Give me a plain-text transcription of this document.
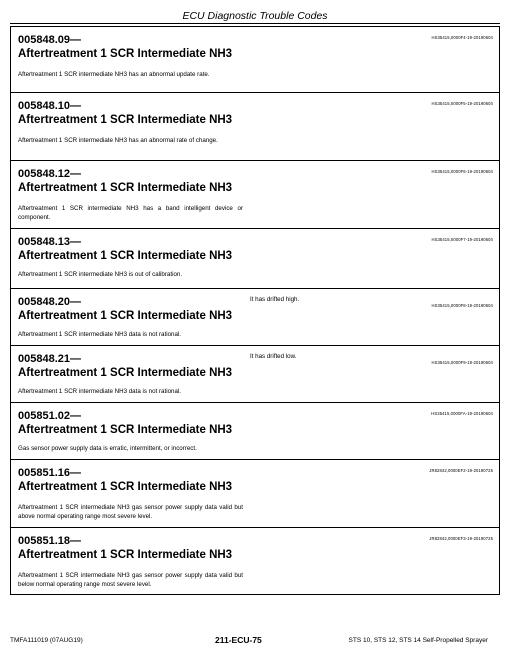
ECU Diagnostic Trouble Codes
005848.09—
Aftertreatment 1 SCR Intermediate NH3
HS35415,0000F4-19-20190604
Aftertreatment 1 SCR intermediate NH3 has an abnormal update rate.
005848.10—
Aftertreatment 1 SCR Intermediate NH3
HS35415,0000F5-19-20190604
Aftertreatment 1 SCR intermediate NH3 has an abnormal rate of change.
005848.12—
Aftertreatment 1 SCR Intermediate NH3
HS35415,0000F6-19-20190604
Aftertreatment 1 SCR intermediate NH3 has a band intelligent device or component.
005848.13—
Aftertreatment 1 SCR Intermediate NH3
HS35415,0000F7-19-20190604
Aftertreatment 1 SCR intermediate NH3 is out of calibration.
005848.20—
Aftertreatment 1 SCR Intermediate NH3
It has drifted high.
HS35415,0000F8-19-20190604
Aftertreatment 1 SCR intermediate NH3 data is not rational.
005848.21—
Aftertreatment 1 SCR Intermediate NH3
It has drifted low.
HS35415,0000F9-19-20190604
Aftertreatment 1 SCR intermediate NH3 data is not rational.
005851.02—
Aftertreatment 1 SCR Intermediate NH3
HS35415,0000FA-19-20190604
Gas sensor power supply data is erratic, intermittent, or incorrect.
005851.16—
Aftertreatment 1 SCR Intermediate NH3
JR82842,0000EF2-19-20190725
Aftertreatment 1 SCR intermediate NH3 gas sensor power supply data valid but above normal operating range most severe level.
005851.18—
Aftertreatment 1 SCR Intermediate NH3
JR82842,0000EF3-19-20190725
Aftertreatment 1 SCR intermediate NH3 gas sensor power supply data valid but below normal operating range most severe level.
TMFA111019 (07AUG19)	211-ECU-75	STS 10, STS 12, STS 14 Self-Propelled Sprayer
